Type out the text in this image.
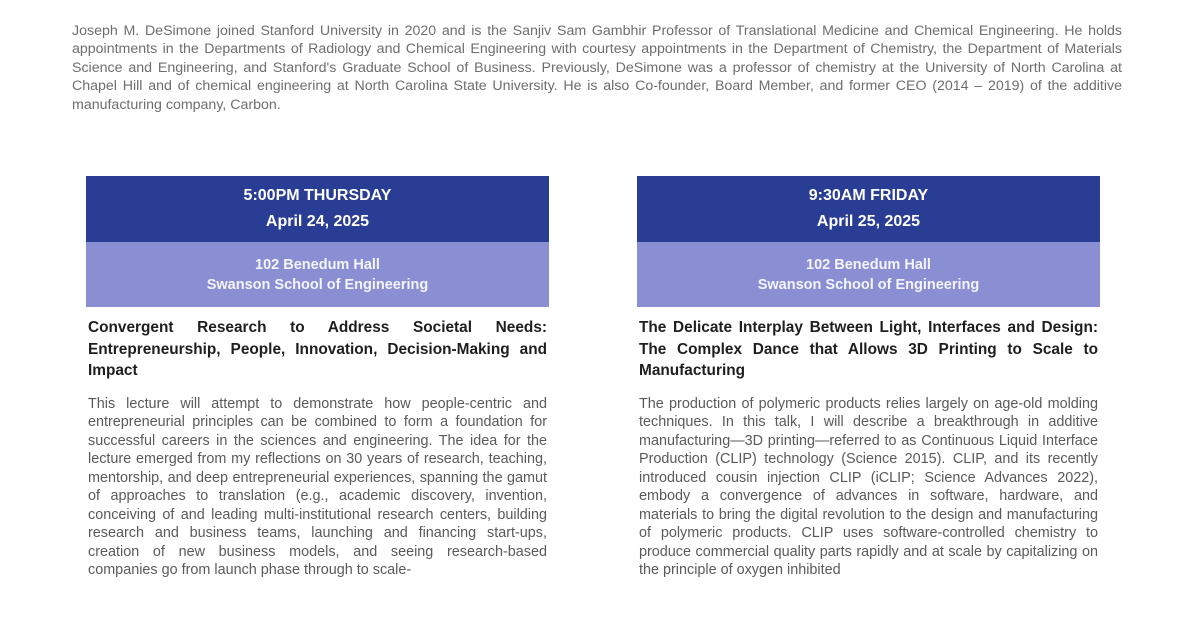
Joseph M. DeSimone joined Stanford University in 2020 and is the Sanjiv Sam Gambhir Professor of Translational Medicine and Chemical Engineering. He holds appointments in the Departments of Radiology and Chemical Engineering with courtesy appointments in the Department of Chemistry, the Department of Materials Science and Engineering, and Stanford's Graduate School of Business. Previously, DeSimone was a professor of chemistry at the University of North Carolina at Chapel Hill and of chemical engineering at North Carolina State University. He is also Co-founder, Board Member, and former CEO (2014 – 2019) of the additive manufacturing company, Carbon.

5:00PM THURSDAY
April 24, 2025
102 Benedum Hall
Swanson School of Engineering
Convergent Research to Address Societal Needs: Entrepreneurship, People, Innovation, Decision-Making and Impact
This lecture will attempt to demonstrate how people-centric and entrepreneurial principles can be combined to form a foundation for successful careers in the sciences and engineering. The idea for the lecture emerged from my reflections on 30 years of research, teaching, mentorship, and deep entrepreneurial experiences, spanning the gamut of approaches to translation (e.g., academic discovery, invention, conceiving of and leading multi-institutional research centers, building research and business teams, launching and financing start-ups, creation of new business models, and seeing research-based companies go from launch phase through to scale-
9:30AM FRIDAY
April 25, 2025
102 Benedum Hall
Swanson School of Engineering
The Delicate Interplay Between Light, Interfaces and Design: The Complex Dance that Allows 3D Printing to Scale to Manufacturing
The production of polymeric products relies largely on age-old molding techniques. In this talk, I will describe a breakthrough in additive manufacturing—3D printing—referred to as Continuous Liquid Interface Production (CLIP) technology (Science 2015). CLIP, and its recently introduced cousin injection CLIP (iCLIP; Science Advances 2022), embody a convergence of advances in software, hardware, and materials to bring the digital revolution to the design and manufacturing of polymeric products. CLIP uses software-controlled chemistry to produce commercial quality parts rapidly and at scale by capitalizing on the principle of oxygen inhibited
